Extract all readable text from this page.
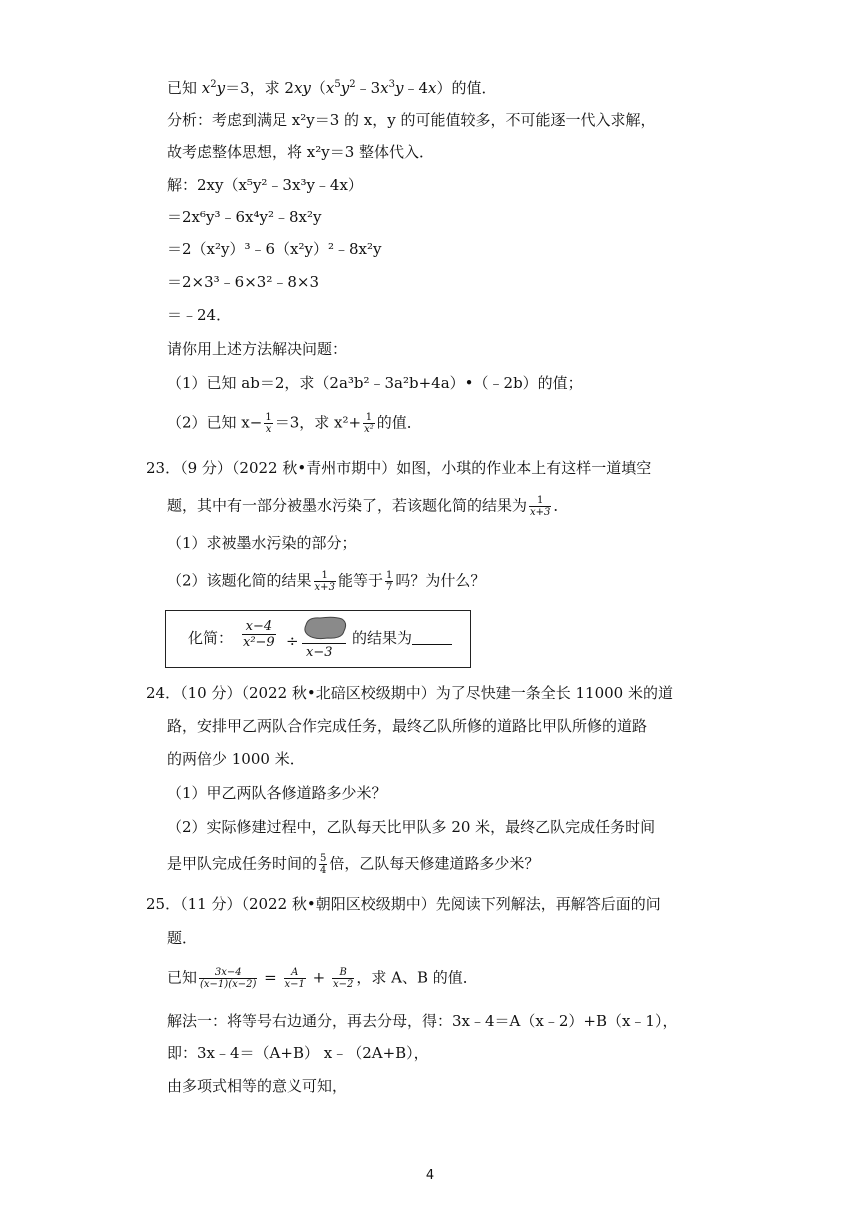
已知 $x^2y=3$，求 $2xy(x^5y^2﹣3x^3y﹣4x)$的值．
分析：考虑到满足 x²y＝3 的 x，y 的可能值较多，不可能逐一代入求解，
故考虑整体思想，将 x²y＝3 整体代入．
解：2xy（x⁵y²﹣3x³y﹣4x）
＝2x⁶y³﹣6x⁴y²﹣8x²y
＝2（x²y）³﹣6（x²y）²﹣8x²y
＝2×3³﹣6×3²﹣8×3
＝﹣24．
请你用上述方法解决问题：
（1）已知 ab＝2，求（2a³b²﹣3a²b+4a）•（﹣2b）的值；
（2）已知 $x- \frac{1}{x} =3$，求 $x^2+ \frac{1}{\text{x²}}$ 的值．
23．（9 分）（2022 秋•青州市期中）如图，小琪的作业本上有这样一道填空
题，其中有一部分被墨水污染了，若该题化简的结果为 $\frac{1}{x+3}$ ．
（1）求被墨水污染的部分；
（2）该题化简的结果 $\frac{1}{x+3}$ 能等于 $\frac{1}{7}$ 吗？为什么？
化简： $\frac{x-4}{\text{x²−9}}$ ÷
x−3
的结果为
24．（10 分）（2022 秋•北碚区校级期中）为了尽快建一条全长 11000 米的道
路，安排甲乙两队合作完成任务，最终乙队所修的道路比甲队所修的道路
的两倍少 1000 米．
（1）甲乙两队各修道路多少米？
（2）实际修建过程中，乙队每天比甲队多 20 米，最终乙队完成任务时间
是甲队完成任务时间的 $\frac{5}{4}$ 倍，乙队每天修建道路多少米？
25．（11 分）（2022 秋•朝阳区校级期中）先阅读下列解法，再解答后面的问
题．
已知 $\frac{3x-4}{(x-1)(x-2)} = \frac{A}{x-1} + \frac{B}{x-2}$ ，求 A、B 的值．
解法一：将等号右边通分，再去分母，得：3x﹣4＝A（x﹣2）+B（x﹣1），
即：3x﹣4＝（A+B） x﹣（2A+B），
由多项式相等的意义可知，
4
